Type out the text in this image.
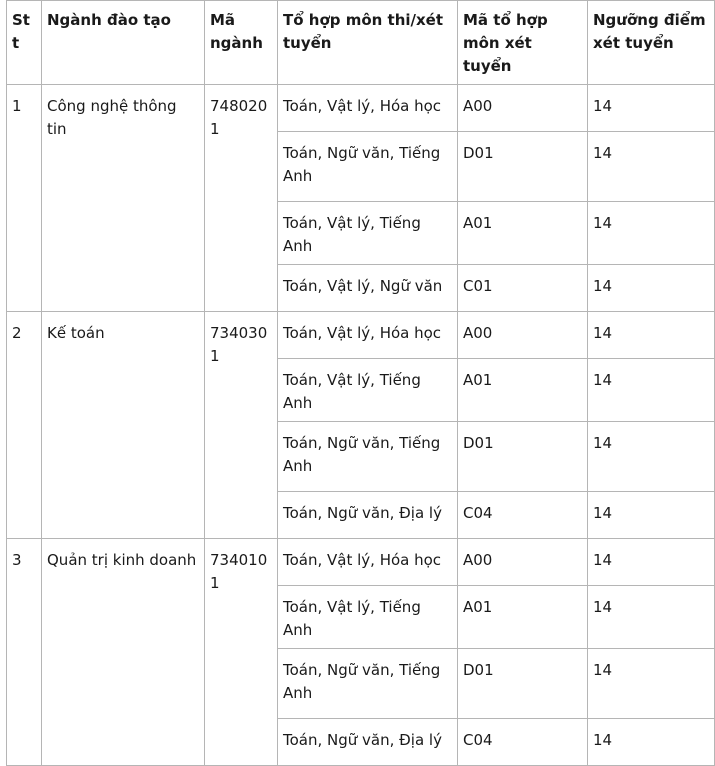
Stt	Ngành đào tạo	Mã ngành	Tổ hợp môn thi/xét tuyển	Mã tổ hợp môn xét tuyển	Ngưỡng điểm xét tuyển
1	Công nghệ thông tin	7480201	Toán, Vật lý, Hóa học	A00	14
			Toán, Ngữ văn, Tiếng Anh	D01	14
			Toán, Vật lý, Tiếng Anh	A01	14
			Toán, Vật lý, Ngữ văn	C01	14
2	Kế toán	7340301	Toán, Vật lý, Hóa học	A00	14
			Toán, Vật lý, Tiếng Anh	A01	14
			Toán, Ngữ văn, Tiếng Anh	D01	14
			Toán, Ngữ văn, Địa lý	C04	14
3	Quản trị kinh doanh	7340101	Toán, Vật lý, Hóa học	A00	14
			Toán, Vật lý, Tiếng Anh	A01	14
			Toán, Ngữ văn, Tiếng Anh	D01	14
			Toán, Ngữ văn, Địa lý	C04	14
